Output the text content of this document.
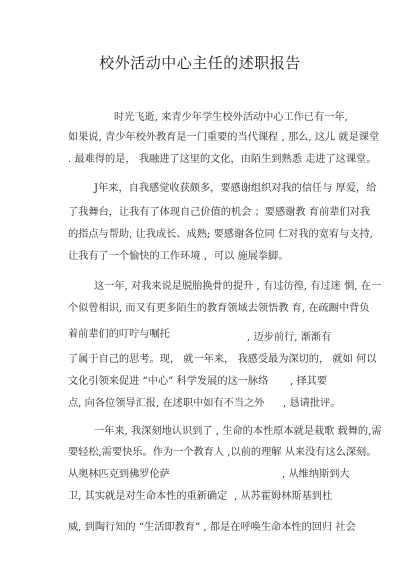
校外活动中心主任的述职报告
时光飞逝, 来青少年学生校外活动中心工作已有一年,
如果说, 青少年校外教育是一门重要的当代课程 , 那么, 这儿 就是课堂
. 最难得的是， 我融进了这里的文化，由陌生到熟悉 走进了这课堂。
J年来，自我感觉收获颇多，要感谢组织对我的信任与 厚爱，给
了我舞台，让我有了体现自己价值的机会 ；要感谢教 育前辈们对我
的指点与帮助, 让我成长、成熟; 要感谢各位同 仁对我的宽宥与支持,
让我有了一个愉快的工作环境 ，可以 施展拳脚。
这一年, 对我来说是脱胎换骨的提升 , 有过彷徨, 有过迷 惘, 在一
个似曾相识, 而又有更多陌生的教育领域去领悟教 育, 在疏蹰中背负
着前辈们的叮咛与嘱托	, 迈步前行, 渐渐有
了属于自己的思考。现， 就一年来， 我感受最为深切的， 就如 何以
文化引领来促进 “中心” 科学发展的这一脉络 , 择其要
点, 向各位领导汇报, 在述职中如有不当之外 , 恳请批评。
一年来, 我深刻地认识到了 , 生命的本性原本就是栽歌 载舞的,需
要轻松,需要快乐。作为一个教育人 ,以前的理解 从来没有这么深刻。
从奥林匹克到佛罗伦萨	, 从维纳斯到大
卫, 其实就是对生命本性的重新确定 , 从苏霍姆林斯基到杜
威, 到陶行知的 “生活即教育” , 都是在呼唤生命本性的回归 社会
